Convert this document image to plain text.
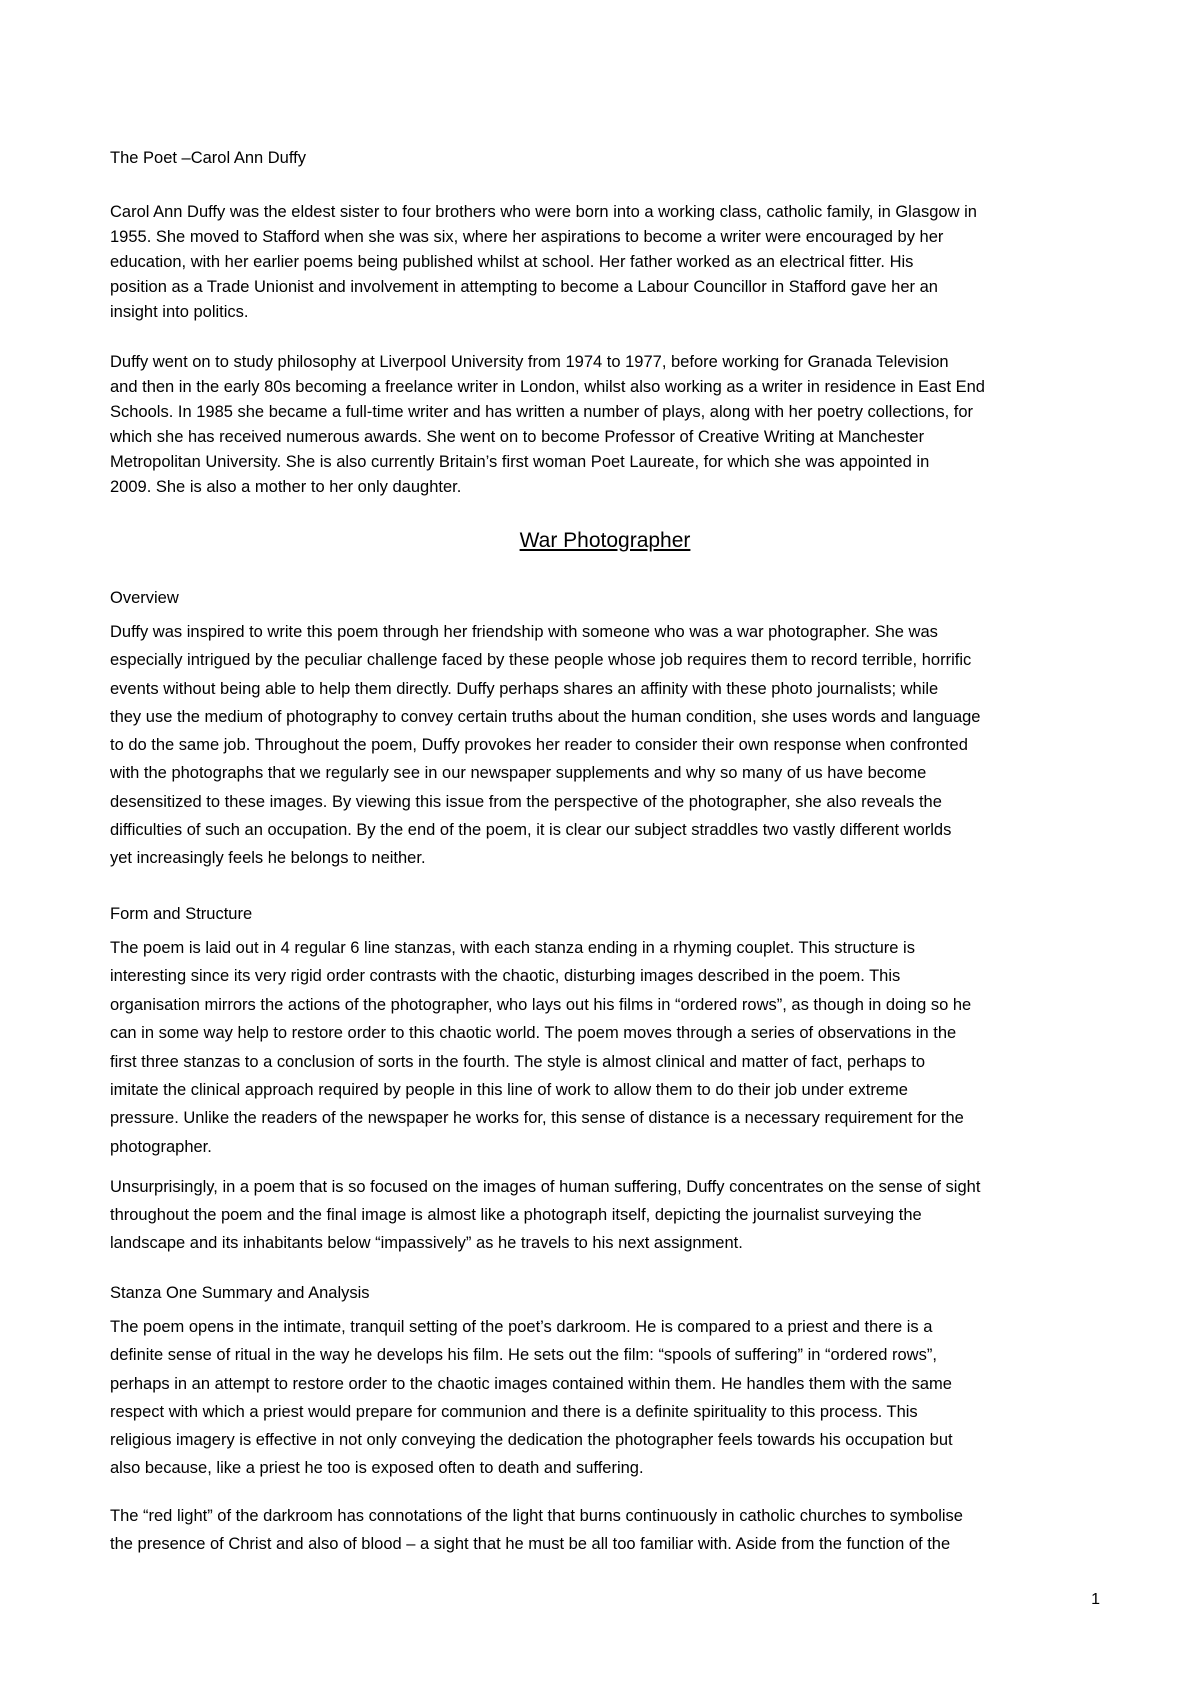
The Poet –Carol Ann Duffy

Carol Ann Duffy was the eldest sister to four brothers who were born into a working class, catholic family, in Glasgow in
1955. She moved to Stafford when she was six, where her aspirations to become a writer were encouraged by her
education, with her earlier poems being published whilst at school. Her father worked as an electrical fitter. His
position as a Trade Unionist and involvement in attempting to become a Labour Councillor in Stafford gave her an
insight into politics.

Duffy went on to study philosophy at Liverpool University from 1974 to 1977, before working for Granada Television
and then in the early 80s becoming a freelance writer in London, whilst also working as a writer in residence in East End
Schools. In 1985 she became a full-time writer and has written a number of plays, along with her poetry collections, for
which she has received numerous awards. She went on to become Professor of Creative Writing at Manchester
Metropolitan University. She is also currently Britain’s first woman Poet Laureate, for which she was appointed in
2009. She is also a mother to her only daughter.

War Photographer
Overview

Duffy was inspired to write this poem through her friendship with someone who was a war photographer. She was
especially intrigued by the peculiar challenge faced by these people whose job requires them to record terrible, horrific
events without being able to help them directly. Duffy perhaps shares an affinity with these photo journalists; while
they use the medium of photography to convey certain truths about the human condition, she uses words and language
to do the same job. Throughout the poem, Duffy provokes her reader to consider their own response when confronted
with the photographs that we regularly see in our newspaper supplements and why so many of us have become
desensitized to these images. By viewing this issue from the perspective of the photographer, she also reveals the
difficulties of such an occupation. By the end of the poem, it is clear our subject straddles two vastly different worlds
yet increasingly feels he belongs to neither.

Form and Structure

The poem is laid out in 4 regular 6 line stanzas, with each stanza ending in a rhyming couplet. This structure is
interesting since its very rigid order contrasts with the chaotic, disturbing images described in the poem. This
organisation mirrors the actions of the photographer, who lays out his films in “ordered rows”, as though in doing so he
can in some way help to restore order to this chaotic world. The poem moves through a series of observations in the
first three stanzas to a conclusion of sorts in the fourth. The style is almost clinical and matter of fact, perhaps to
imitate the clinical approach required by people in this line of work to allow them to do their job under extreme
pressure. Unlike the readers of the newspaper he works for, this sense of distance is a necessary requirement for the
photographer.

Unsurprisingly, in a poem that is so focused on the images of human suffering, Duffy concentrates on the sense of sight
throughout the poem and the final image is almost like a photograph itself, depicting the journalist surveying the
landscape and its inhabitants below “impassively” as he travels to his next assignment.

Stanza One Summary and Analysis

The poem opens in the intimate, tranquil setting of the poet’s darkroom. He is compared to a priest and there is a
definite sense of ritual in the way he develops his film. He sets out the film: “spools of suffering” in “ordered rows”,
perhaps in an attempt to restore order to the chaotic images contained within them. He handles them with the same
respect with which a priest would prepare for communion and there is a definite spirituality to this process. This
religious imagery is effective in not only conveying the dedication the photographer feels towards his occupation but
also because, like a priest he too is exposed often to death and suffering.

The “red light” of the darkroom has connotations of the light that burns continuously in catholic churches to symbolise
the presence of Christ and also of blood – a sight that he must be all too familiar with. Aside from the function of the

1
